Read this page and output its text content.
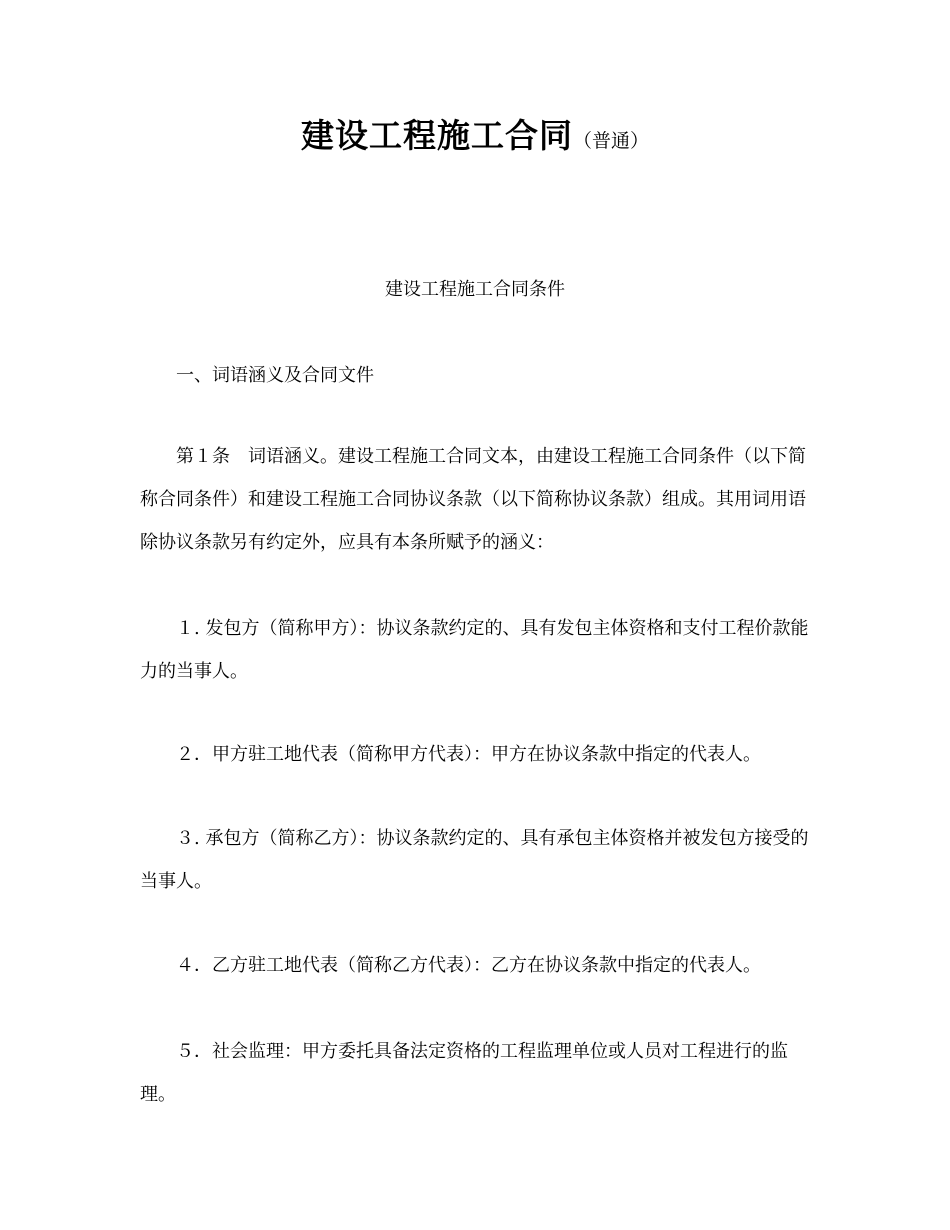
建设工程施工合同（普通）
建设工程施工合同条件
一、词语涵义及合同文件
第１条　词语涵义。建设工程施工合同文本，由建设工程施工合同条件（以下简
称合同条件）和建设工程施工合同协议条款（以下简称协议条款）组成。其用词用语
除协议条款另有约定外，应具有本条所赋予的涵义：
１. 发包方（简称甲方）：协议条款约定的、具有发包主体资格和支付工程价款能
力的当事人。
２．甲方驻工地代表（简称甲方代表）：甲方在协议条款中指定的代表人。
３. 承包方（简称乙方）：协议条款约定的、具有承包主体资格并被发包方接受的
当事人。
４．乙方驻工地代表（简称乙方代表）：乙方在协议条款中指定的代表人。
５．社会监理：甲方委托具备法定资格的工程监理单位或人员对工程进行的监
理。
